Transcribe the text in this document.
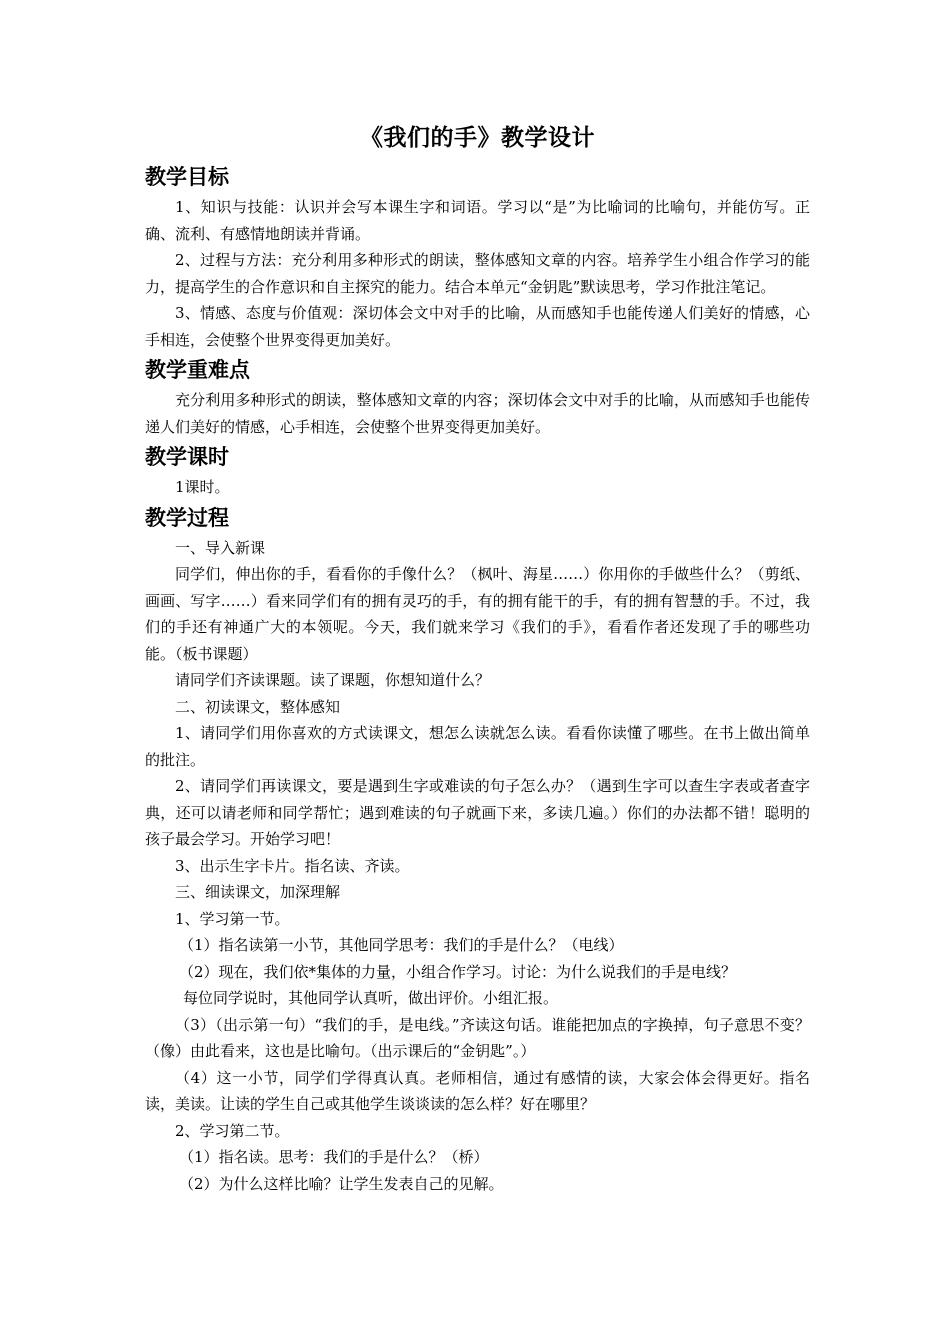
《我们的手》教学设计
教学目标

1、知识与技能：认识并会写本课生字和词语。学习以“是”为比喻词的比喻句，并能仿写。正确、流利、有感情地朗读并背诵。

2、过程与方法：充分利用多种形式的朗读，整体感知文章的内容。培养学生小组合作学习的能力，提高学生的合作意识和自主探究的能力。结合本单元“金钥匙”默读思考，学习作批注笔记。

3、情感、态度与价值观：深切体会文中对手的比喻，从而感知手也能传递人们美好的情感，心手相连，会使整个世界变得更加美好。

教学重难点

充分利用多种形式的朗读，整体感知文章的内容；深切体会文中对手的比喻，从而感知手也能传递人们美好的情感，心手相连，会使整个世界变得更加美好。

教学课时

1课时。

教学过程

一、导入新课

同学们，伸出你的手，看看你的手像什么？（枫叶、海星……）你用你的手做些什么？（剪纸、画画、写字……）看来同学们有的拥有灵巧的手，有的拥有能干的手，有的拥有智慧的手。不过，我们的手还有神通广大的本领呢。今天，我们就来学习《我们的手》，看看作者还发现了手的哪些功能。（板书课题）

请同学们齐读课题。读了课题，你想知道什么？

二、初读课文，整体感知

1、请同学们用你喜欢的方式读课文，想怎么读就怎么读。看看你读懂了哪些。在书上做出简单的批注。

2、请同学们再读课文，要是遇到生字或难读的句子怎么办？（遇到生字可以查生字表或者查字典，还可以请老师和同学帮忙；遇到难读的句子就画下来，多读几遍。）你们的办法都不错！聪明的孩子最会学习。开始学习吧！

3、出示生字卡片。指名读、齐读。

三、细读课文，加深理解

1、学习第一节。

（1）指名读第一小节，其他同学思考：我们的手是什么？（电线）

（2）现在，我们依*集体的力量，小组合作学习。讨论：为什么说我们的手是电线？

每位同学说时，其他同学认真听，做出评价。小组汇报。

（3）（出示第一句）“我们的手，是电线。”齐读这句话。谁能把加点的字换掉，句子意思不变？（像）由此看来，这也是比喻句。（出示课后的“金钥匙”。）

（4）这一小节，同学们学得真认真。老师相信，通过有感情的读，大家会体会得更好。指名读，美读。让读的学生自己或其他学生谈谈读的怎么样？好在哪里？

2、学习第二节。

（1）指名读。思考：我们的手是什么？（桥）

（2）为什么这样比喻？让学生发表自己的见解。
